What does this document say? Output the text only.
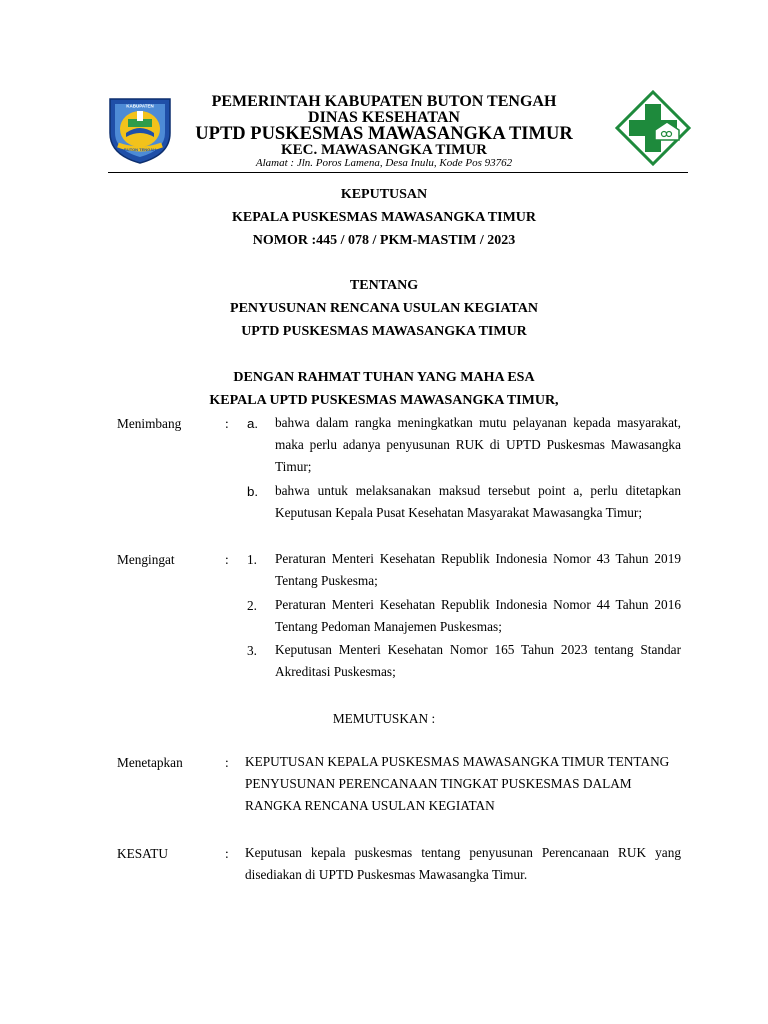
KABUPATEN
BUTON TENGAH
PEMERINTAH KABUPATEN BUTON TENGAH
DINAS KESEHATAN
UPTD PUSKESMAS MAWASANGKA TIMUR
KEC. MAWASANGKA TIMUR
Alamat : Jln. Poros Lamena, Desa Inulu, Kode Pos 93762
KEPUTUSAN
KEPALA PUSKESMAS MAWASANGKA TIMUR
NOMOR :445 / 078 / PKM-MASTIM / 2023
TENTANG
PENYUSUNAN RENCANA USULAN KEGIATAN
UPTD PUSKESMAS MAWASANGKA TIMUR
DENGAN RAHMAT TUHAN YANG MAHA ESA
KEPALA UPTD PUSKESMAS MAWASANGKA TIMUR,
Menimbang	: a. bahwa dalam rangka meningkatkan mutu pelayanan kepada masyarakat, maka perlu adanya penyusunan RUK di UPTD Puskesmas Mawasangka Timur;
b. bahwa untuk melaksanakan maksud tersebut point a, perlu ditetapkan Keputusan Kepala Pusat Kesehatan Masyarakat Mawasangka Timur;
Mengingat	: 1. Peraturan Menteri Kesehatan Republik Indonesia Nomor 43 Tahun 2019 Tentang Puskesma;
2. Peraturan Menteri Kesehatan Republik Indonesia Nomor 44 Tahun 2016 Tentang Pedoman Manajemen Puskesmas;
3. Keputusan Menteri Kesehatan Nomor 165 Tahun 2023 tentang Standar Akreditasi Puskesmas;
MEMUTUSKAN :
Menetapkan	: KEPUTUSAN KEPALA PUSKESMAS MAWASANGKA TIMUR TENTANG PENYUSUNAN PERENCANAAN TINGKAT PUSKESMAS DALAM RANGKA RENCANA USULAN KEGIATAN
KESATU	: Keputusan kepala puskesmas tentang penyusunan Perencanaan RUK yang disediakan di UPTD Puskesmas Mawasangka Timur.
